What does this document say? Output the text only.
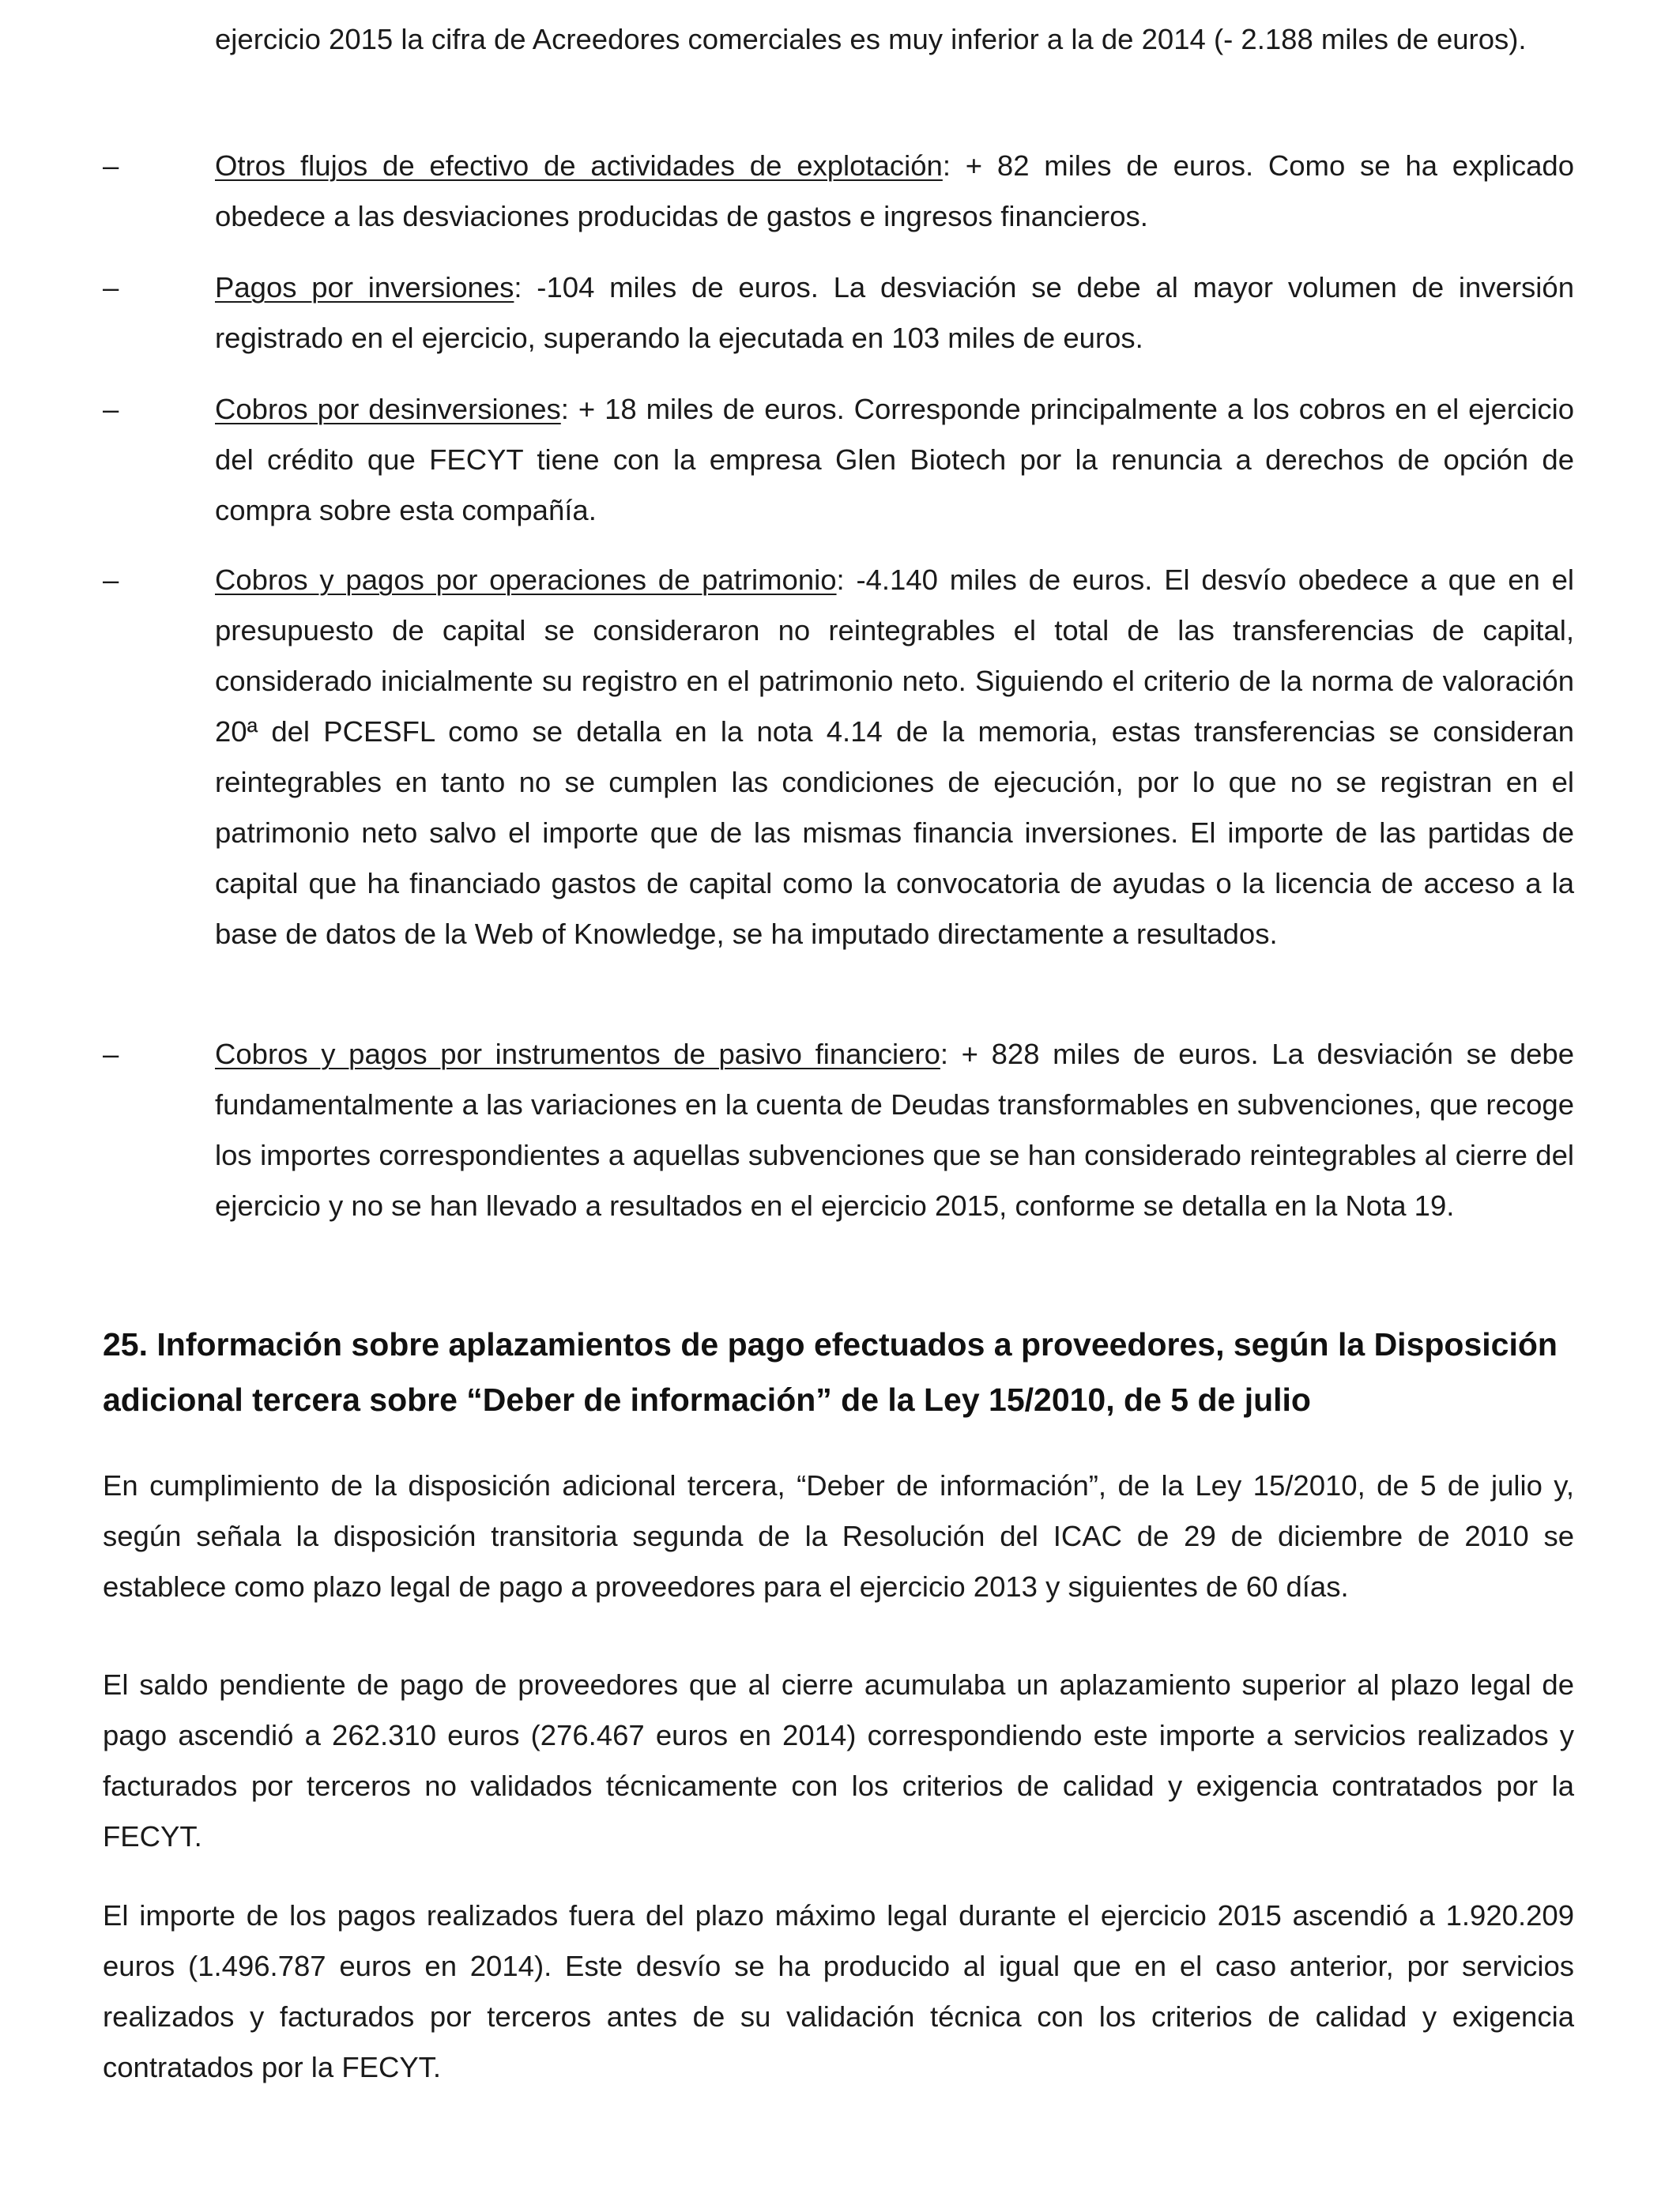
ejercicio 2015 la cifra de Acreedores comerciales es muy inferior a la de 2014 (- 2.188 miles de euros).

–	Otros flujos de efectivo de actividades de explotación: + 82 miles de euros. Como se ha explicado obedece a las desviaciones producidas de gastos e ingresos financieros.

–	Pagos por inversiones: -104 miles de euros. La desviación se debe al mayor volumen de inversión registrado en el ejercicio, superando la ejecutada en 103 miles de euros.

–	Cobros por desinversiones: + 18 miles de euros. Corresponde principalmente a los cobros en el ejercicio del crédito que FECYT tiene con la empresa Glen Biotech por la renuncia a derechos de opción de compra sobre esta compañía.

–	Cobros y pagos por operaciones de patrimonio: -4.140 miles de euros. El desvío obedece a que en el presupuesto de capital se consideraron no reintegrables el total de las transferencias de capital, considerado inicialmente su registro en el patrimonio neto. Siguiendo el criterio de la norma de valoración 20ª del PCESFL como se detalla en la nota 4.14 de la memoria, estas transferencias se consideran reintegrables en tanto no se cumplen las condiciones de ejecución, por lo que no se registran en el patrimonio neto salvo el importe que de las mismas financia inversiones. El importe de las partidas de capital que ha financiado gastos de capital como la convocatoria de ayudas o la licencia de acceso a la base de datos de la Web of Knowledge, se ha imputado directamente a resultados.

–	Cobros y pagos por instrumentos de pasivo financiero: + 828 miles de euros. La desviación se debe fundamentalmente a las variaciones en la cuenta de Deudas transformables en subvenciones, que recoge los importes correspondientes a aquellas subvenciones que se han considerado reintegrables al cierre del ejercicio y no se han llevado a resultados en el ejercicio 2015, conforme se detalla en la Nota 19.

25. Información sobre aplazamientos de pago efectuados a proveedores, según la Disposición adicional tercera sobre “Deber de información” de la Ley 15/2010, de 5 de julio

En cumplimiento de la disposición adicional tercera, “Deber de información”, de la Ley 15/2010, de 5 de julio y, según señala la disposición transitoria segunda de la Resolución del ICAC de 29 de diciembre de 2010 se establece como plazo legal de pago a proveedores para el ejercicio 2013 y siguientes de 60 días.

El saldo pendiente de pago de proveedores que al cierre acumulaba un aplazamiento superior al plazo legal de pago ascendió a 262.310 euros (276.467 euros en 2014) correspondiendo este importe a servicios realizados y facturados por terceros no validados técnicamente con los criterios de calidad y exigencia contratados por la FECYT.

El importe de los pagos realizados fuera del plazo máximo legal durante el ejercicio 2015 ascendió a 1.920.209 euros (1.496.787 euros en 2014). Este desvío se ha producido al igual que en el caso anterior, por servicios realizados y facturados por terceros antes de su validación técnica con los criterios de calidad y exigencia contratados por la FECYT.
